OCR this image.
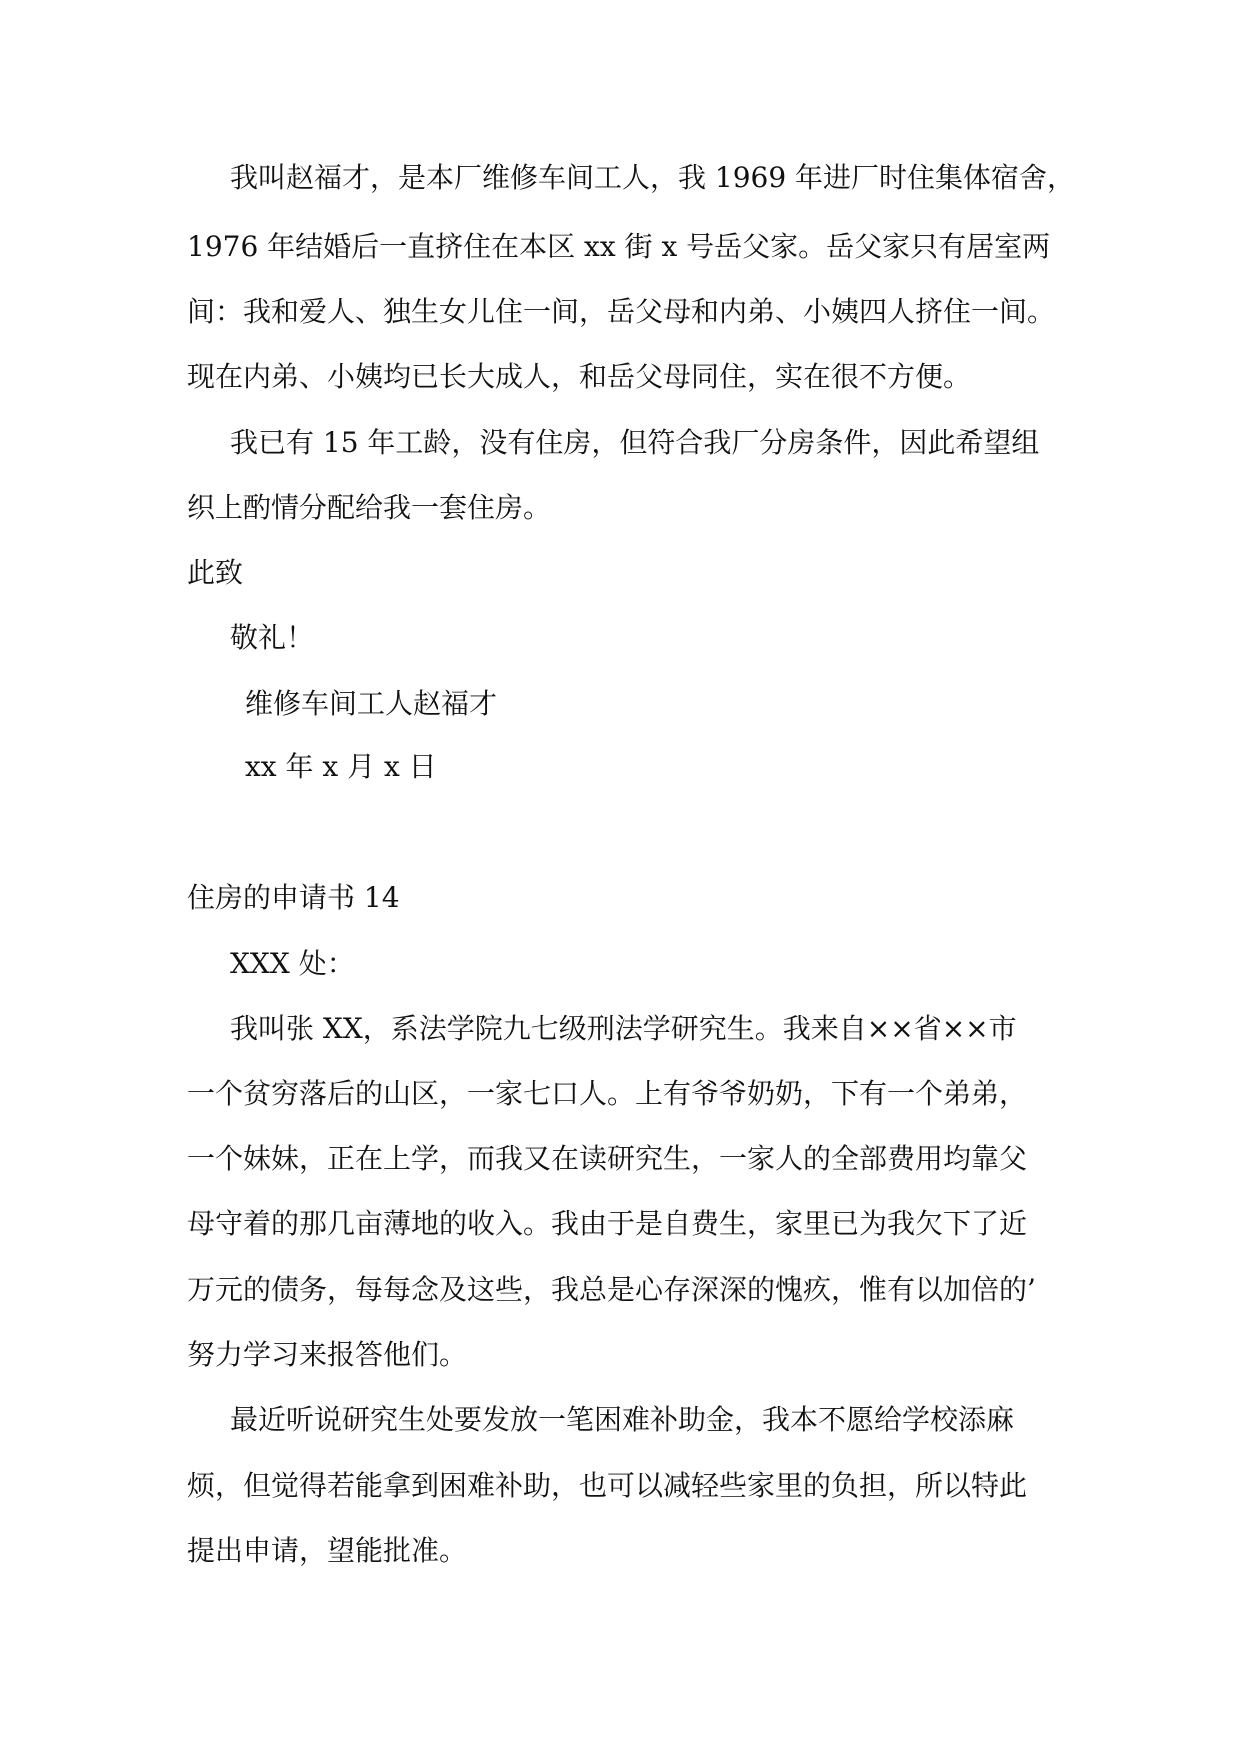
我叫赵福才，是本厂维修车间工人，我 1969 年进厂时住集体宿舍，
1976 年结婚后一直挤住在本区 xx 街 x 号岳父家。岳父家只有居室两
间：我和爱人、独生女儿住一间，岳父母和内弟、小姨四人挤住一间。
现在内弟、小姨均已长大成人，和岳父母同住，实在很不方便。
我已有 15 年工龄，没有住房，但符合我厂分房条件，因此希望组
织上酌情分配给我一套住房。
此致
敬礼！
维修车间工人赵福才
xx 年 x 月 x 日
住房的申请书 14
XXX 处：
我叫张 XX，系法学院九七级刑法学研究生。我来自××省××市
一个贫穷落后的山区，一家七口人。上有爷爷奶奶，下有一个弟弟，
一个妹妹，正在上学，而我又在读研究生，一家人的全部费用均靠父
母守着的那几亩薄地的收入。我由于是自费生，家里已为我欠下了近
万元的债务，每每念及这些，我总是心存深深的愧疚，惟有以加倍的’
努力学习来报答他们。
最近听说研究生处要发放一笔困难补助金，我本不愿给学校添麻
烦，但觉得若能拿到困难补助，也可以减轻些家里的负担，所以特此
提出申请，望能批准。
